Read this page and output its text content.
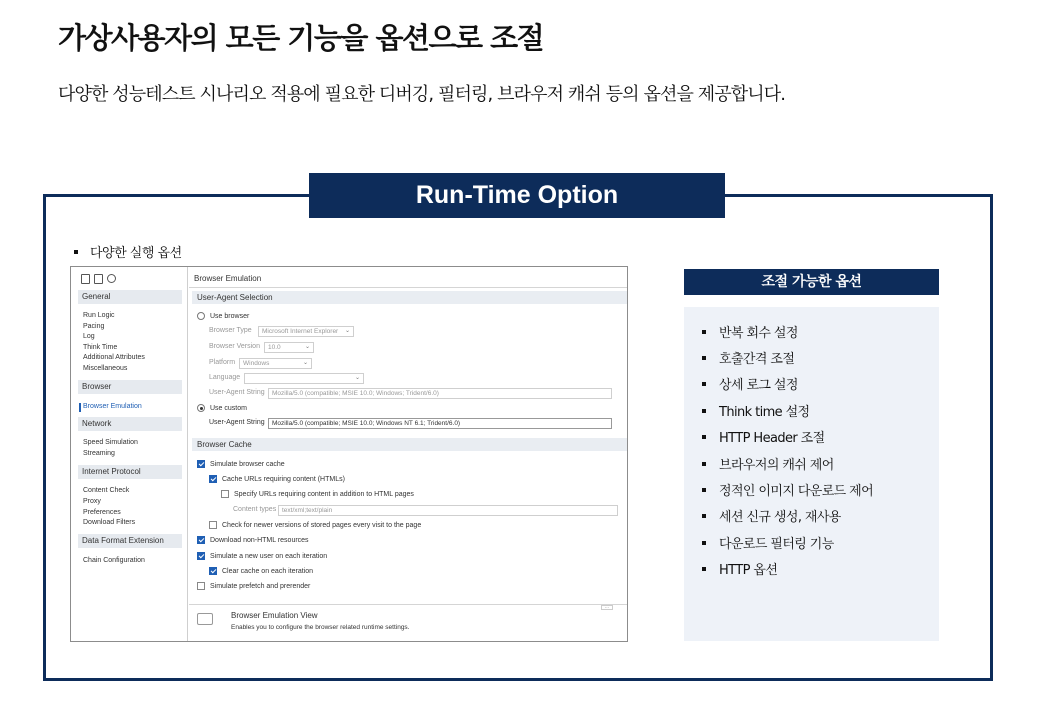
가상사용자의 모든 기능을 옵션으로 조절
다양한 성능테스트 시나리오 적용에 필요한 디버깅, 필터링, 브라우저 캐쉬 등의 옵션을 제공합니다.
Run-Time Option
다양한 실행 옵션
General
Run Logic
Pacing
Log
Think Time
Additional Attributes
Miscellaneous
Browser
Browser Emulation
Network
Speed Simulation
Streaming
Internet Protocol
Content Check
Proxy
Preferences
Download Filters
Data Format Extension
Chain Configuration
Browser Emulation
User-Agent Selection
Use browser
Browser Type	Microsoft Internet Explorer ⌄
Browser Version	10.0	⌄
Platform	Windows	⌄
Language	⌄
User-Agent String	Mozilla/5.0 (compatible; MSIE 10.0; Windows; Trident/6.0)
Use custom
User-Agent String	Mozilla/5.0 (compatible; MSIE 10.0; Windows NT 6.1; Trident/6.0)
Browser Cache
Simulate browser cache
Cache URLs requiring content (HTMLs)
Specify URLs requiring content in addition to HTML pages
Content types text/xml;text/plain
Check for newer versions of stored pages every visit to the page
Download non-HTML resources
Simulate a new user on each iteration
Clear cache on each iteration
Simulate prefetch and prerender
Browser Emulation View
Enables you to configure the browser related runtime settings.
...
조절 가능한 옵션
반복 회수 설정
호출간격 조절
상세 로그 설정
Think time 설정
HTTP Header 조절
브라우저의 캐쉬 제어
정적인 이미지 다운로드 제어
세션 신규 생성, 재사용
다운로드 필터링 기능
HTTP 옵션
